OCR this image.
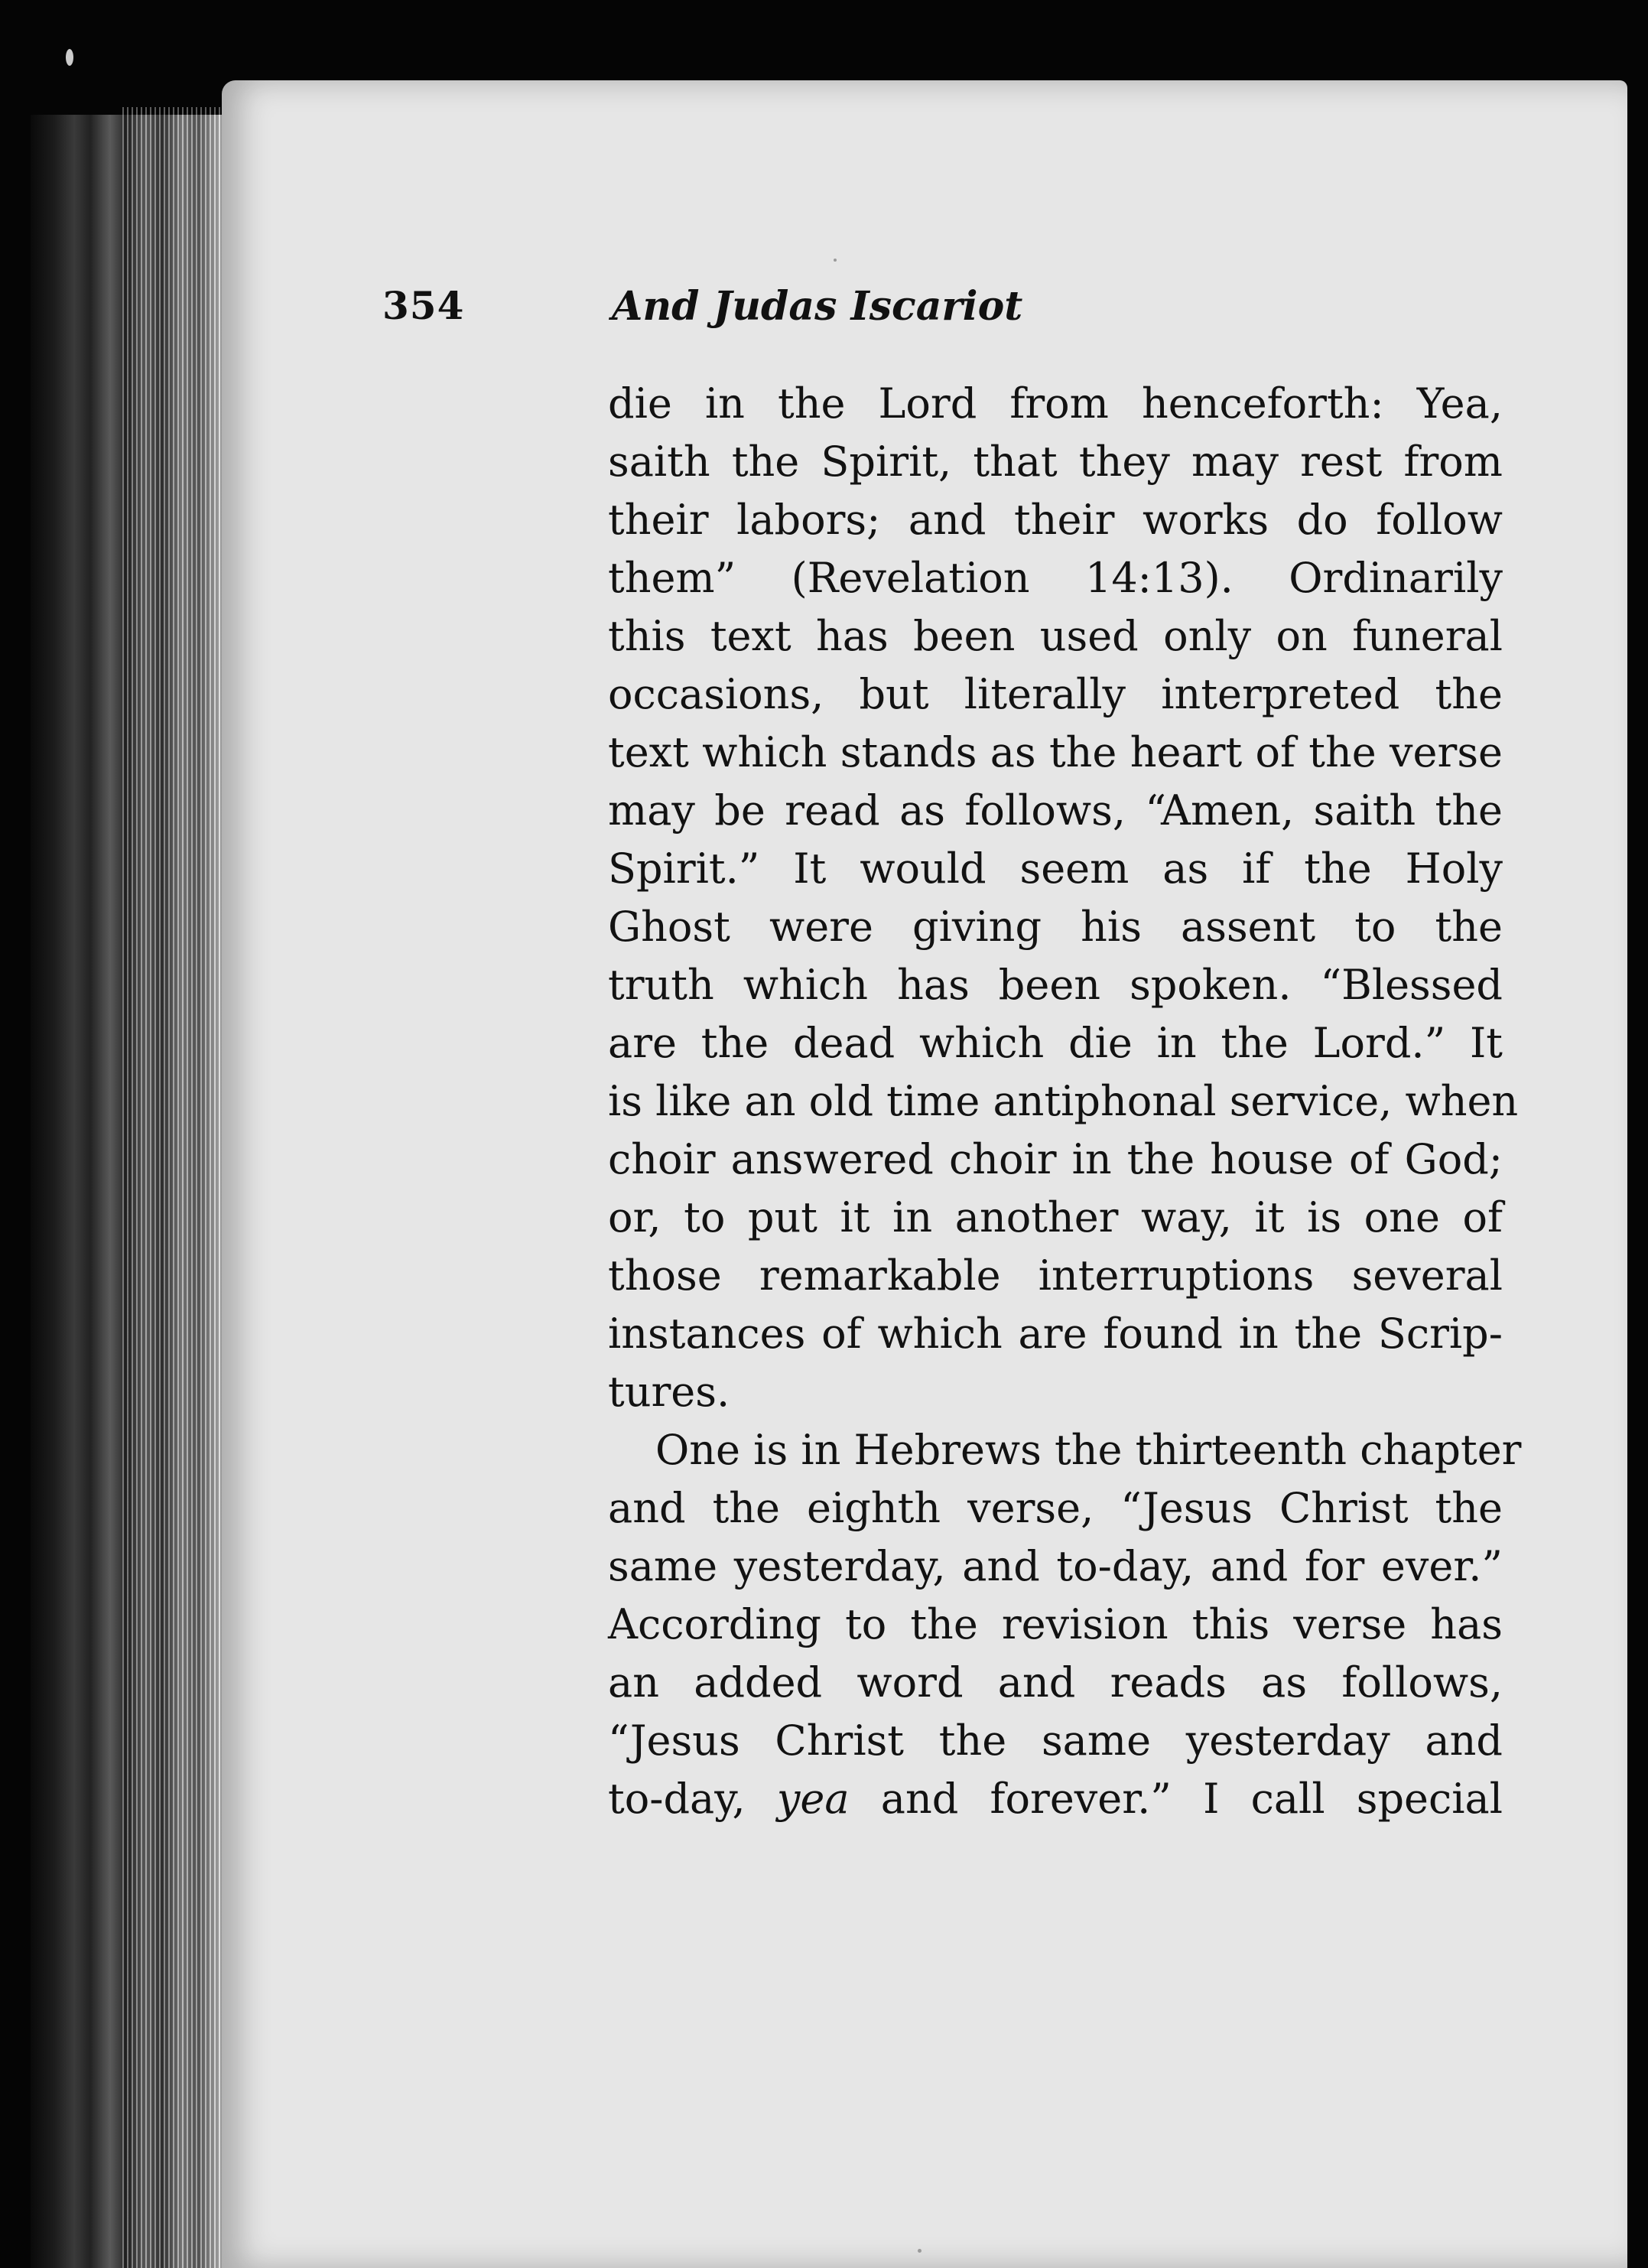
354	And Judas Iscariot
die in the Lord from henceforth: Yea,
saith the Spirit, that they may rest from
their labors; and their works do follow
them” (Revelation 14:13). Ordinarily
this text has been used only on funeral
occasions, but literally interpreted the
text which stands as the heart of the verse
may be read as follows, “Amen, saith the
Spirit.” It would seem as if the Holy
Ghost were giving his assent to the
truth which has been spoken. “Blessed
are the dead which die in the Lord.” It
is like an old time antiphonal service, when
choir answered choir in the house of God;
or, to put it in another way, it is one of
those remarkable interruptions several
instances of which are found in the Scrip-
tures.
One is in Hebrews the thirteenth chapter
and the eighth verse, “Jesus Christ the
same yesterday, and to-day, and for ever.”
According to the revision this verse has
an added word and reads as follows,
“Jesus Christ the same yesterday and
to-day, yea and forever.” I call special
